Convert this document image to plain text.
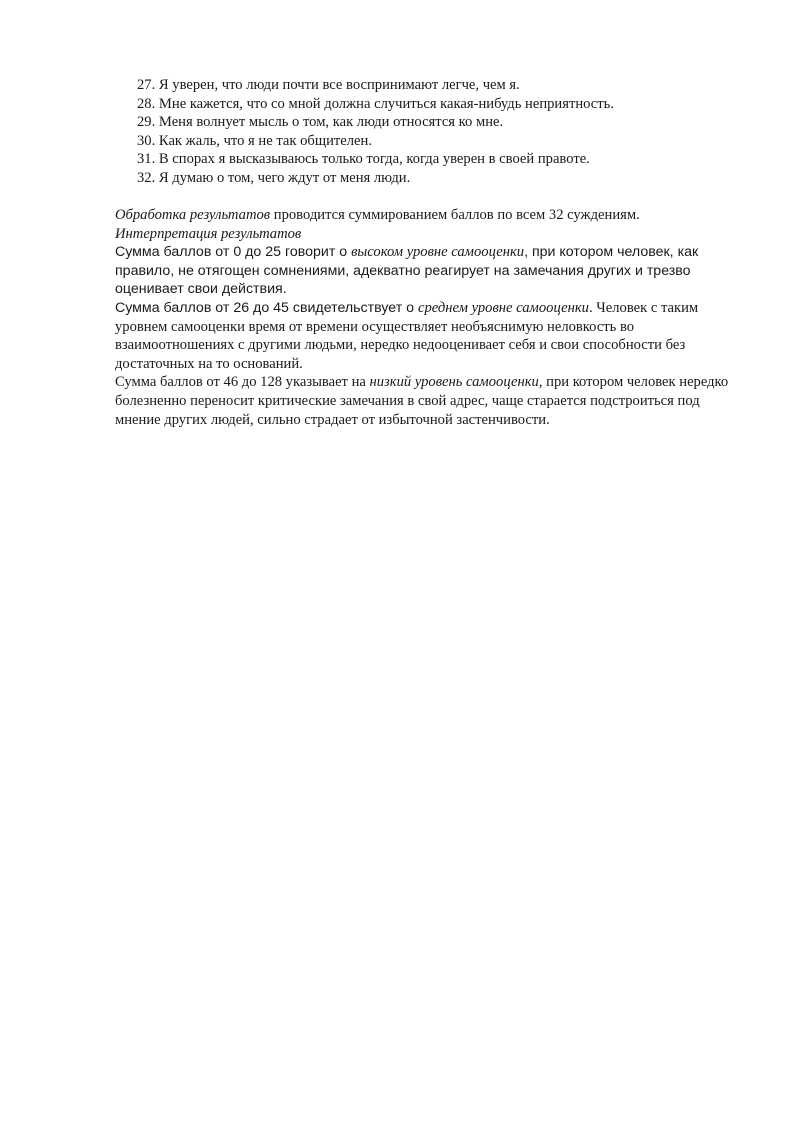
27. Я уверен, что люди почти все воспринимают легче, чем я.
28. Мне кажется, что со мной должна случиться какая-нибудь неприятность.
29. Меня волнует мысль о том, как люди относятся ко мне.
30. Как жаль, что я не так общителен.
31. В спорах я высказываюсь только тогда, когда уверен в своей правоте.
32. Я думаю о том, чего ждут от меня люди.

Обработка результатов проводится суммированием баллов по всем 32 суждениям.

Интерпретация результатов

Сумма баллов от 0 до 25 говорит о высоком уровне самооценки, при котором человек, как правило, не отягощен сомнениями, адекватно реагирует на замечания других и трезво оценивает свои действия.

Сумма баллов от 26 до 45 свидетельствует о среднем уровне самооценки. Человек с таким уровнем самооценки время от времени осуществляет необъяснимую неловкость во взаимоотношениях с другими людьми, нередко недооценивает себя и свои способности без достаточных на то оснований.

Сумма баллов от 46 до 128 указывает на низкий уровень самооценки, при котором человек нередко болезненно переносит критические замечания в свой адрес, чаще старается подстроиться под мнение других людей, сильно страдает от избыточной застенчивости.
